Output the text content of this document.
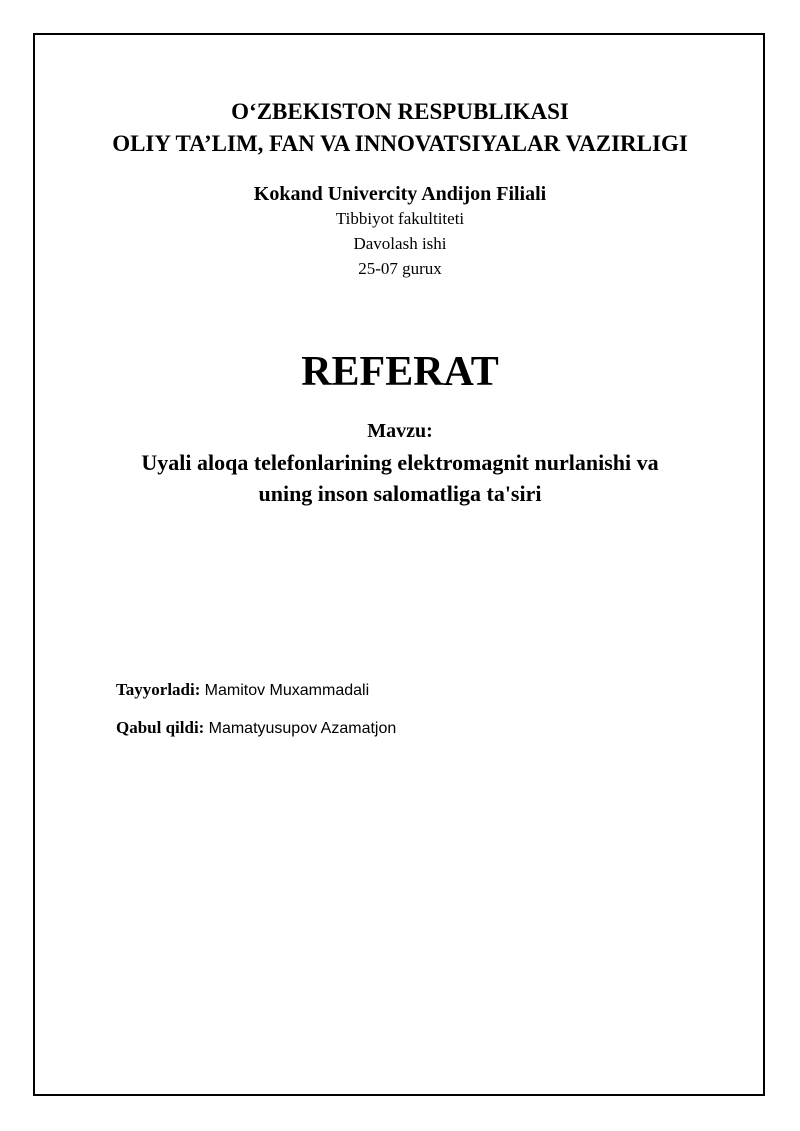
O‘ZBEKISTON RESPUBLIKASI

OLIY TA’LIM, FAN VA INNOVATSIYALAR VAZIRLIGI

Kokand Univercity Andijon Filiali

Tibbiyot fakultiteti

Davolash ishi

25-07 gurux

REFERAT

Mavzu:

Uyali aloqa telefonlarining elektromagnit nurlanishi va

uning inson salomatliga ta'siri

Tayyorladi: Mamitov Muxammadali

Qabul qildi: Mamatyusupov Azamatjon
